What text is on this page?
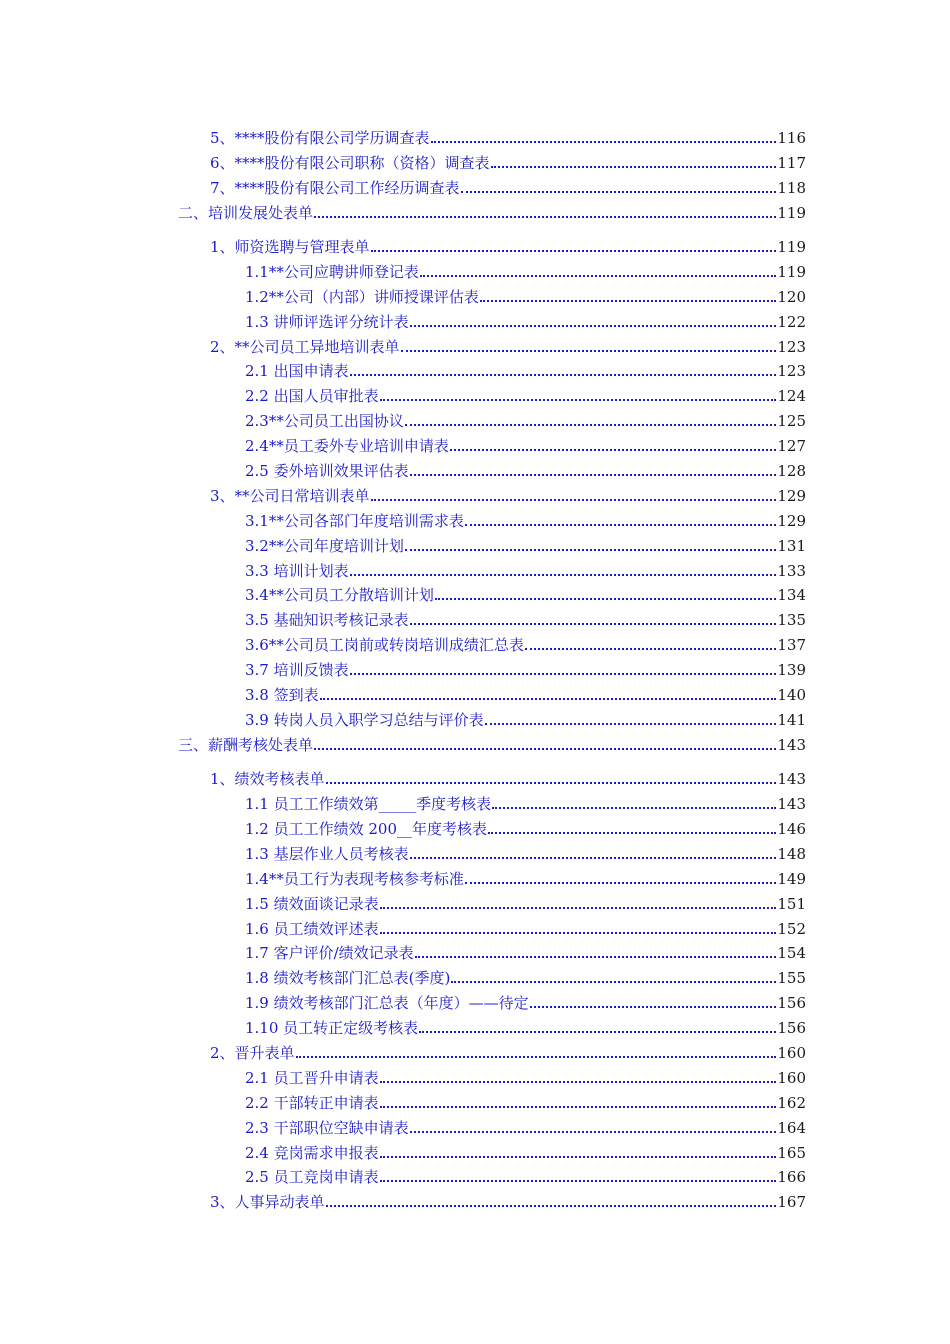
5、****股份有限公司学历调查表	116
6、****股份有限公司职称（资格）调查表	117
7、****股份有限公司工作经历调查表	118
二、培训发展处表单	119
1、师资选聘与管理表单	119
1.1**公司应聘讲师登记表	119
1.2**公司（内部）讲师授课评估表	120
1.3 讲师评选评分统计表	122
2、**公司员工异地培训表单	123
2.1 出国申请表	123
2.2 出国人员审批表	124
2.3**公司员工出国协议	125
2.4**员工委外专业培训申请表	127
2.5 委外培训效果评估表	128
3、**公司日常培训表单	129
3.1**公司各部门年度培训需求表	129
3.2**公司年度培训计划	131
3.3 培训计划表	133
3.4**公司员工分散培训计划	134
3.5 基础知识考核记录表	135
3.6**公司员工岗前或转岗培训成绩汇总表	137
3.7 培训反馈表	139
3.8 签到表	140
3.9 转岗人员入职学习总结与评价表	141
三、薪酬考核处表单	143
1、绩效考核表单	143
1.1 员工工作绩效第_____季度考核表	143
1.2 员工工作绩效 200__年度考核表	146
1.3 基层作业人员考核表	148
1.4**员工行为表现考核参考标准	149
1.5 绩效面谈记录表	151
1.6 员工绩效评述表	152
1.7 客户评价/绩效记录表	154
1.8 绩效考核部门汇总表(季度)	155
1.9 绩效考核部门汇总表（年度）——待定	156
1.10 员工转正定级考核表	156
2、晋升表单	160
2.1 员工晋升申请表	160
2.2 干部转正申请表	162
2.3 干部职位空缺申请表	164
2.4 竞岗需求申报表	165
2.5 员工竞岗申请表	166
3、人事异动表单	167
